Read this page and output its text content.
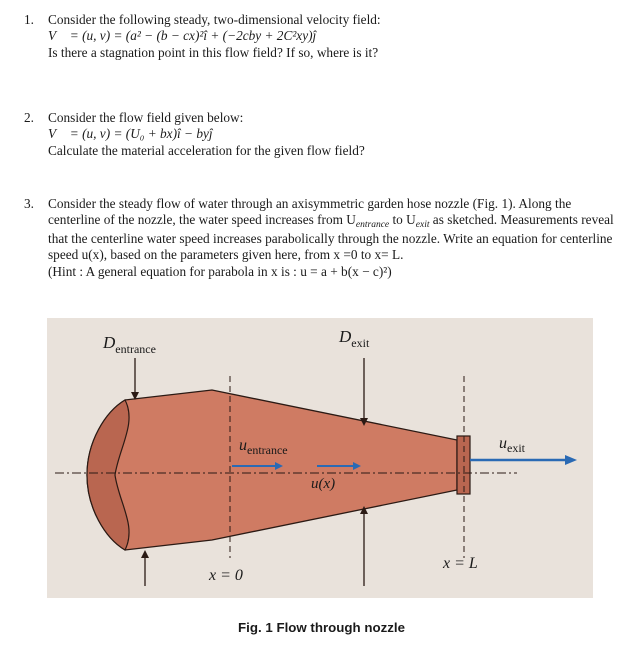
1. Consider the following steady, two-dimensional velocity field:
V⃗ = (u, v) = (a² − (b − cx)²î + (−2cby + 2C²xy)ĵ
Is there a stagnation point in this flow field? If so, where is it?
2. Consider the flow field given below:
V⃗ = (u, v) = (U₀ + bx)î − byĵ
Calculate the material acceleration for the given flow field?
3. Consider the steady flow of water through an axisymmetric garden hose nozzle (Fig. 1). Along the centerline of the nozzle, the water speed increases from $U_{entrance}$ to $U_{exit}$ as sketched. Measurements reveal that the centerline water speed increases parabolically through the nozzle. Write an equation for centerline speed u(x), based on the parameters given here, from x =0 to x= L.
(Hint : A general equation for parabola in x is : u = a + b(x − c)²)
$D_{entrance}$
$D_{exit}$
$u_{entrance}$
u(x)
$u_{exit}$
x = 0
x = L
Fig. 1 Flow through nozzle
